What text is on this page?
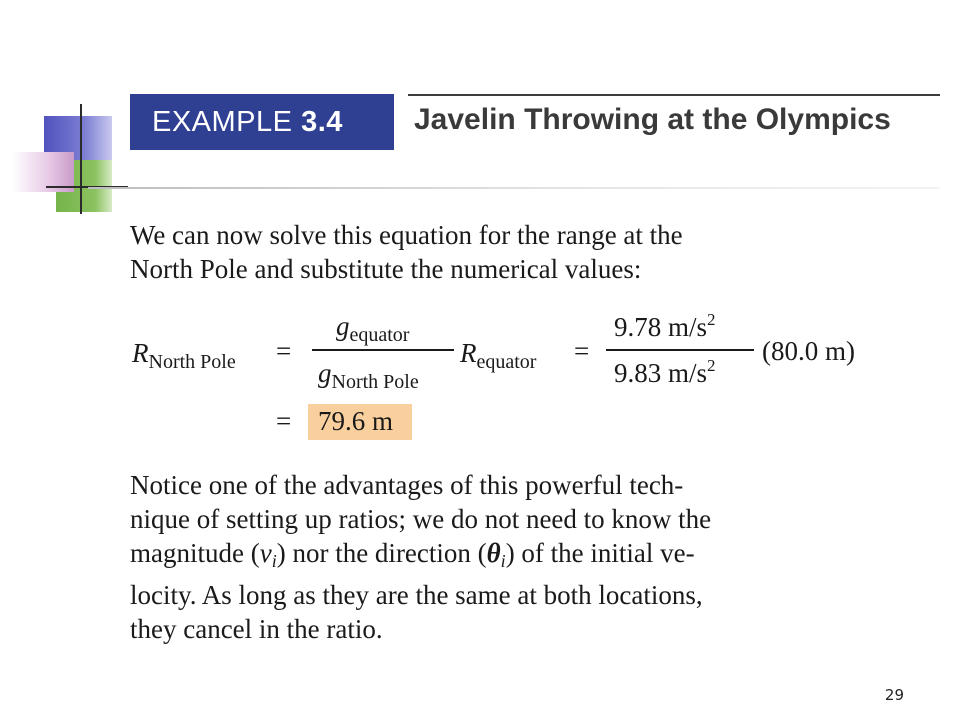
EXAMPLE 3.4	Javelin Throwing at the Olympics

We can now solve this equation for the range at the
North Pole and substitute the numerical values:

$R_{North Pole}$ =
$g_{equator}$
$g_{North Pole}$
$R_{equator}$ =
9.78 $m/s^2$
9.83 $m/s^2$ (80.0 m)
= 79.6 m

Notice one of the advantages of this powerful tech-
nique of setting up ratios; we do not need to know the
magnitude $(v_i)$ nor the direction $(\theta_i)$ of the initial ve-
locity. As long as they are the same at both locations,
they cancel in the ratio.

29
